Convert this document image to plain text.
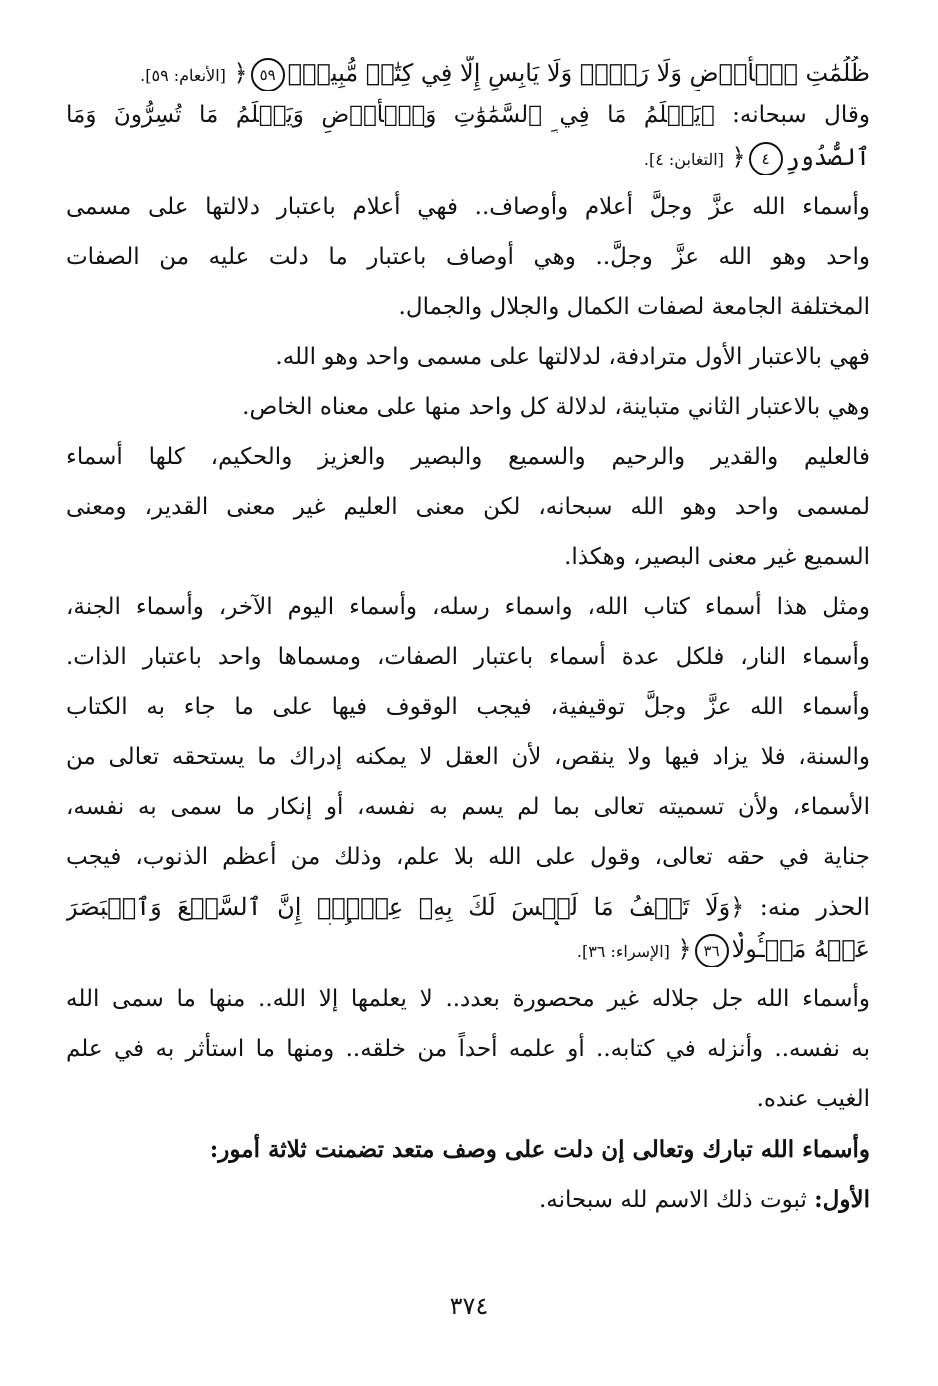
ظُلُمَٰتِ ٱلۡأَرۡضِ وَلَا رَطۡبٖ وَلَا يَابِسٍ إِلَّا فِي كِتَٰبٖ مُّبِينٖ﴾٥٩﴿ [الأنعام: ٥٩].
وقال سبحانه: ﴿يَعۡلَمُ مَا فِي ٱلسَّمَٰوَٰتِ وَٱلۡأَرۡضِ وَيَعۡلَمُ مَا تُسِرُّونَ وَمَا
ٱلصُّدُورِ٤﴿ [التغابن: ٤].
وأسماء الله عزَّ وجلَّ أعلام وأوصاف.. فهي أعلام باعتبار دلالتها على مسمى
واحد وهو الله عزَّ وجلَّ.. وهي أوصاف باعتبار ما دلت عليه من الصفات
المختلفة الجامعة لصفات الكمال والجلال والجمال.
فهي بالاعتبار الأول مترادفة، لدلالتها على مسمى واحد وهو الله.
وهي بالاعتبار الثاني متباينة، لدلالة كل واحد منها على معناه الخاص.
فالعليم والقدير والرحيم والسميع والبصير والعزيز والحكيم، كلها أسماء
لمسمى واحد وهو الله سبحانه، لكن معنى العليم غير معنى القدير، ومعنى
السميع غير معنى البصير، وهكذا.
ومثل هذا أسماء كتاب الله، واسماء رسله، وأسماء اليوم الآخر، وأسماء الجنة،
وأسماء النار، فلكل عدة أسماء باعتبار الصفات، ومسماها واحد باعتبار الذات.
وأسماء الله عزَّ وجلَّ توقيفية، فيجب الوقوف فيها على ما جاء به الكتاب
والسنة، فلا يزاد فيها ولا ينقص، لأن العقل لا يمكنه إدراك ما يستحقه تعالى من
الأسماء، ولأن تسميته تعالى بما لم يسم به نفسه، أو إنكار ما سمى به نفسه،
جناية في حقه تعالى، وقول على الله بلا علم، وذلك من أعظم الذنوب، فيجب
الحذر منه: ﴿وَلَا تَقۡفُ مَا لَيۡسَ لَكَ بِهِۦ عِلۡمٌۚ إِنَّ ٱلسَّمۡعَ وَٱلۡبَصَرَ
عَنۡهُ مَسۡـُٔولٗا٣٦﴿ [الإسراء: ٣٦].
وأسماء الله جل جلاله غير محصورة بعدد.. لا يعلمها إلا الله.. منها ما سمى الله
به نفسه.. وأنزله في كتابه.. أو علمه أحداً من خلقه.. ومنها ما استأثر به في علم
الغيب عنده.
وأسماء الله تبارك وتعالى إن دلت على وصف متعد تضمنت ثلاثة أمور:
الأول: ثبوت ذلك الاسم لله سبحانه.
٣٧٤
